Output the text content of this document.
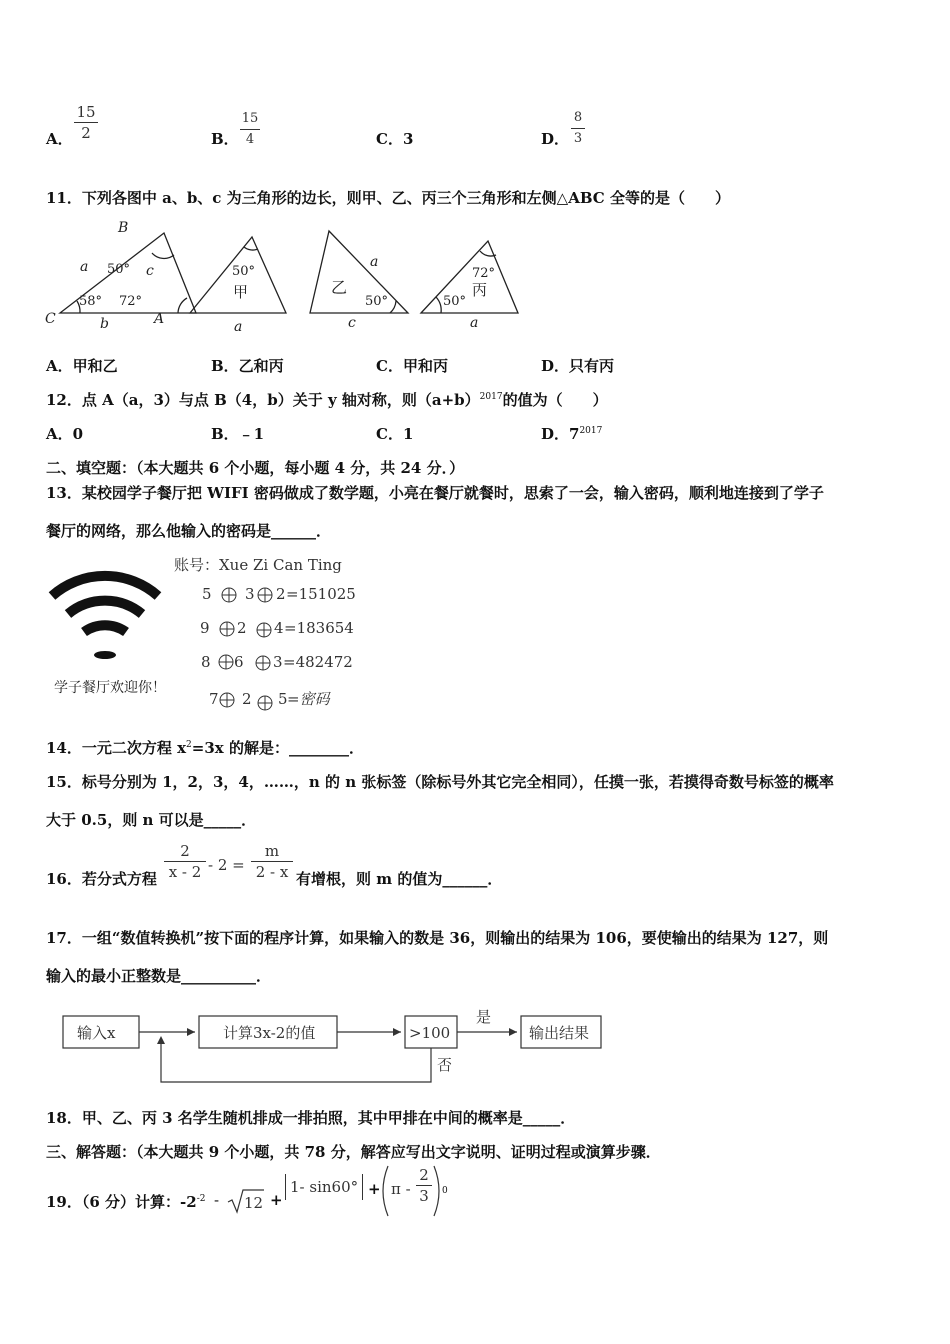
A．
15
2	B．
15
4	C．3	D．
8
3
11．下列各图中 a、b、c 为三角形的边长，则甲、乙、丙三个三角形和左侧△ABC 全等的是（　　）
B
A
C
a
b
c
a
a
c	a
50°
58° 72°
50°
甲	乙
50°
72°
丙
50°
A．甲和乙	B．乙和丙	C．甲和丙	D．只有丙
12．点 A（a，3）与点 B（4，b）关于 y 轴对称，则$(a+b)^{2017}$的值为（　　）
A．0	B．﹣1	C．1	D．$7^{2017}$
二、填空题：（本大题共 6 个小题，每小题 4 分，共 24 分．）
13．某校园学子餐厅把 WIFI 密码做成了数学题，小亮在餐厅就餐时，思索了一会，输入密码，顺利地连接到了学子
餐厅的网络，那么他输入的密码是______．
学子餐厅欢迎你！
账号：Xue Zi Can Ting
5 3 2 =151025
9 2 4 =183654
8 6 3 =482472
7 2 5 =密码
14．一元二次方程 $x^2=3x$ 的解是：________．
15．标号分别为 1，2，3，4，……，n 的 n 张标签（除标号外其它完全相同），任摸一张，若摸得奇数号标签的概率
大于 0.5，则 n 可以是_____．
16．若分式方程
2
x - 2 - 2 =
m
2 - x 有增根，则 m 的值为______．
17．一组“数值转换机”按下面的程序计算，如果输入的数是 36，则输出的结果为 106，要使输出的结果为 127，则
输入的最小正整数是__________．
输入x	计算3x-2的值	>100	输出结果
是
否
18．甲、乙、丙 3 名学生随机排成一排拍照，其中甲排在中间的概率是_____．
三、解答题：（本大题共 9 个小题，共 78 分，解答应写出文字说明、证明过程或演算步骤．
19．（6 分）计算：$-2^{-2} - 12$ +
1- sin60° + π -
2
3	0
